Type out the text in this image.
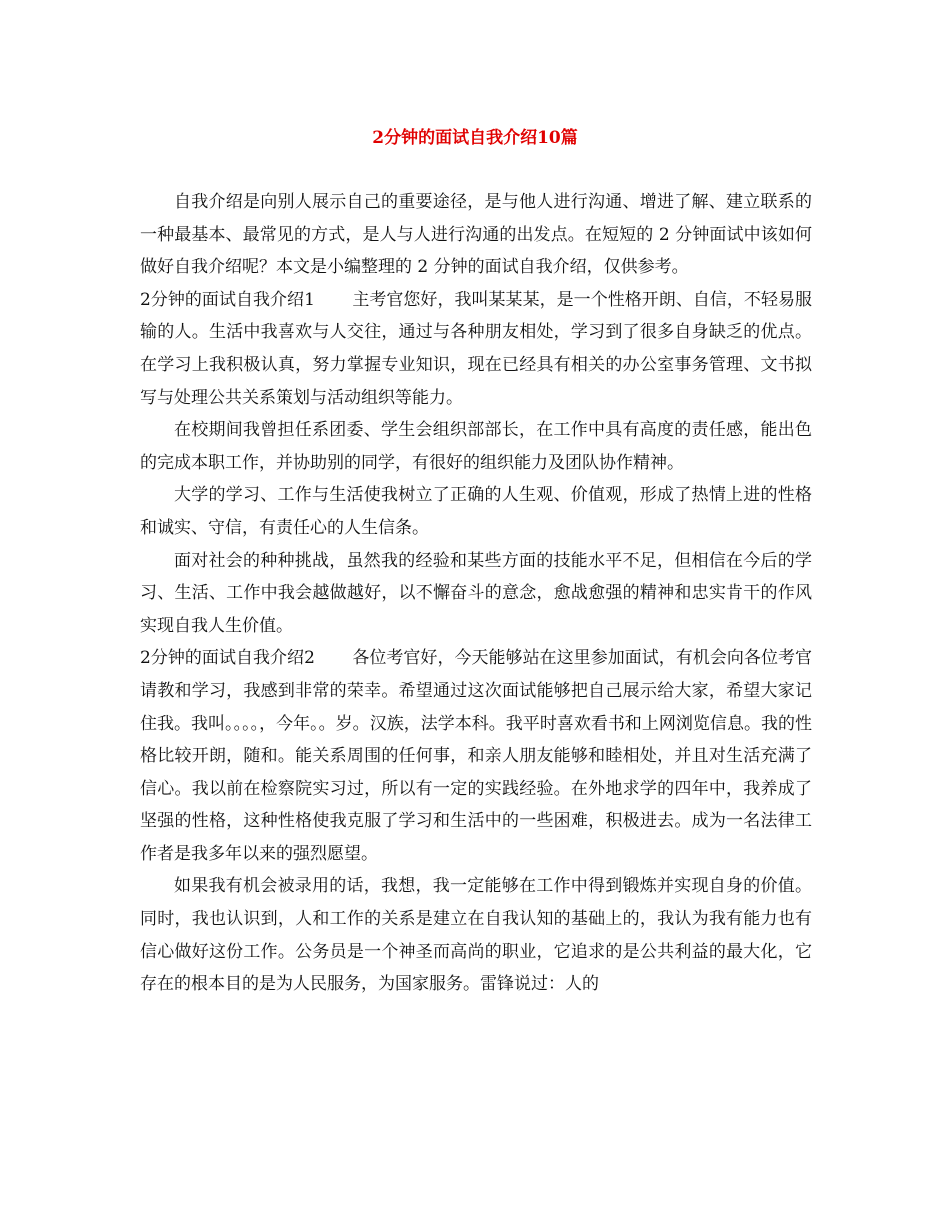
2分钟的面试自我介绍10篇

自我介绍是向别人展示自己的重要途径，是与他人进行沟通、增进了解、建立联系的一种最基本、最常见的方式，是人与人进行沟通的出发点。在短短的 2 分钟面试中该如何做好自我介绍呢？本文是小编整理的 2 分钟的面试自我介绍，仅供参考。

2分钟的面试自我介绍1 主考官您好，我叫某某某，是一个性格开朗、自信，不轻易服输的人。生活中我喜欢与人交往，通过与各种朋友相处，学习到了很多自身缺乏的优点。在学习上我积极认真，努力掌握专业知识，现在已经具有相关的办公室事务管理、文书拟写与处理公共关系策划与活动组织等能力。

在校期间我曾担任系团委、学生会组织部部长，在工作中具有高度的责任感，能出色的完成本职工作，并协助别的同学，有很好的组织能力及团队协作精神。

大学的学习、工作与生活使我树立了正确的人生观、价值观，形成了热情上进的性格和诚实、守信，有责任心的人生信条。

面对社会的种种挑战，虽然我的经验和某些方面的技能水平不足，但相信在今后的学习、生活、工作中我会越做越好，以不懈奋斗的意念，愈战愈强的精神和忠实肯干的作风实现自我人生价值。

2分钟的面试自我介绍2 各位考官好，今天能够站在这里参加面试，有机会向各位考官请教和学习，我感到非常的荣幸。希望通过这次面试能够把自己展示给大家，希望大家记住我。我叫。。。。，今年。。岁。汉族，法学本科。我平时喜欢看书和上网浏览信息。我的性格比较开朗，随和。能关系周围的任何事，和亲人朋友能够和睦相处，并且对生活充满了信心。我以前在检察院实习过，所以有一定的实践经验。在外地求学的四年中，我养成了坚强的性格，这种性格使我克服了学习和生活中的一些困难，积极进去。成为一名法律工作者是我多年以来的强烈愿望。

如果我有机会被录用的话，我想，我一定能够在工作中得到锻炼并实现自身的价值。同时，我也认识到，人和工作的关系是建立在自我认知的基础上的，我认为我有能力也有信心做好这份工作。公务员是一个神圣而高尚的职业，它追求的是公共利益的最大化，它存在的根本目的是为人民服务，为国家服务。雷锋说过：人的
